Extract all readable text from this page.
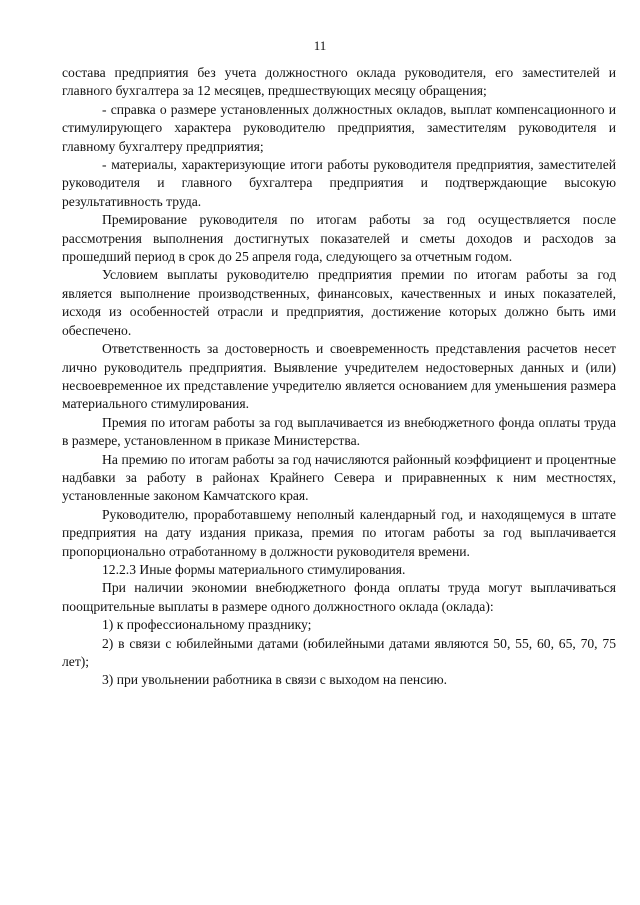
11

состава предприятия без учета должностного оклада руководителя, его заместителей и главного бухгалтера за 12 месяцев, предшествующих месяцу обращения;

- справка о размере установленных должностных окладов, выплат компенсационного и стимулирующего характера руководителю предприятия, заместителям руководителя и главному бухгалтеру предприятия;

- материалы, характеризующие итоги работы руководителя предприятия, заместителей руководителя и главного бухгалтера предприятия и подтверждающие высокую результативность труда.

Премирование руководителя по итогам работы за год осуществляется после рассмотрения выполнения достигнутых показателей и сметы доходов и расходов за прошедший период в срок до 25 апреля года, следующего за отчетным годом.

Условием выплаты руководителю предприятия премии по итогам работы за год является выполнение производственных, финансовых, качественных и иных показателей, исходя из особенностей отрасли и предприятия, достижение которых должно быть ими обеспечено.

Ответственность за достоверность и своевременность представления расчетов несет лично руководитель предприятия. Выявление учредителем недостоверных данных и (или) несвоевременное их представление учредителю является основанием для уменьшения размера материального стимулирования.

Премия по итогам работы за год выплачивается из внебюджетного фонда оплаты труда в размере, установленном в приказе Министерства.

На премию по итогам работы за год начисляются районный коэффициент и процентные надбавки за работу в районах Крайнего Севера и приравненных к ним местностях, установленные законом Камчатского края.

Руководителю, проработавшему неполный календарный год, и находящемуся в штате предприятия на дату издания приказа, премия по итогам работы за год выплачивается пропорционально отработанному в должности руководителя времени.

12.2.3 Иные формы материального стимулирования.

При наличии экономии внебюджетного фонда оплаты труда могут выплачиваться поощрительные выплаты в размере одного должностного оклада (оклада):

1) к профессиональному празднику;

2) в связи с юбилейными датами (юбилейными датами являются 50, 55, 60, 65, 70, 75 лет);

3) при увольнении работника в связи с выходом на пенсию.
